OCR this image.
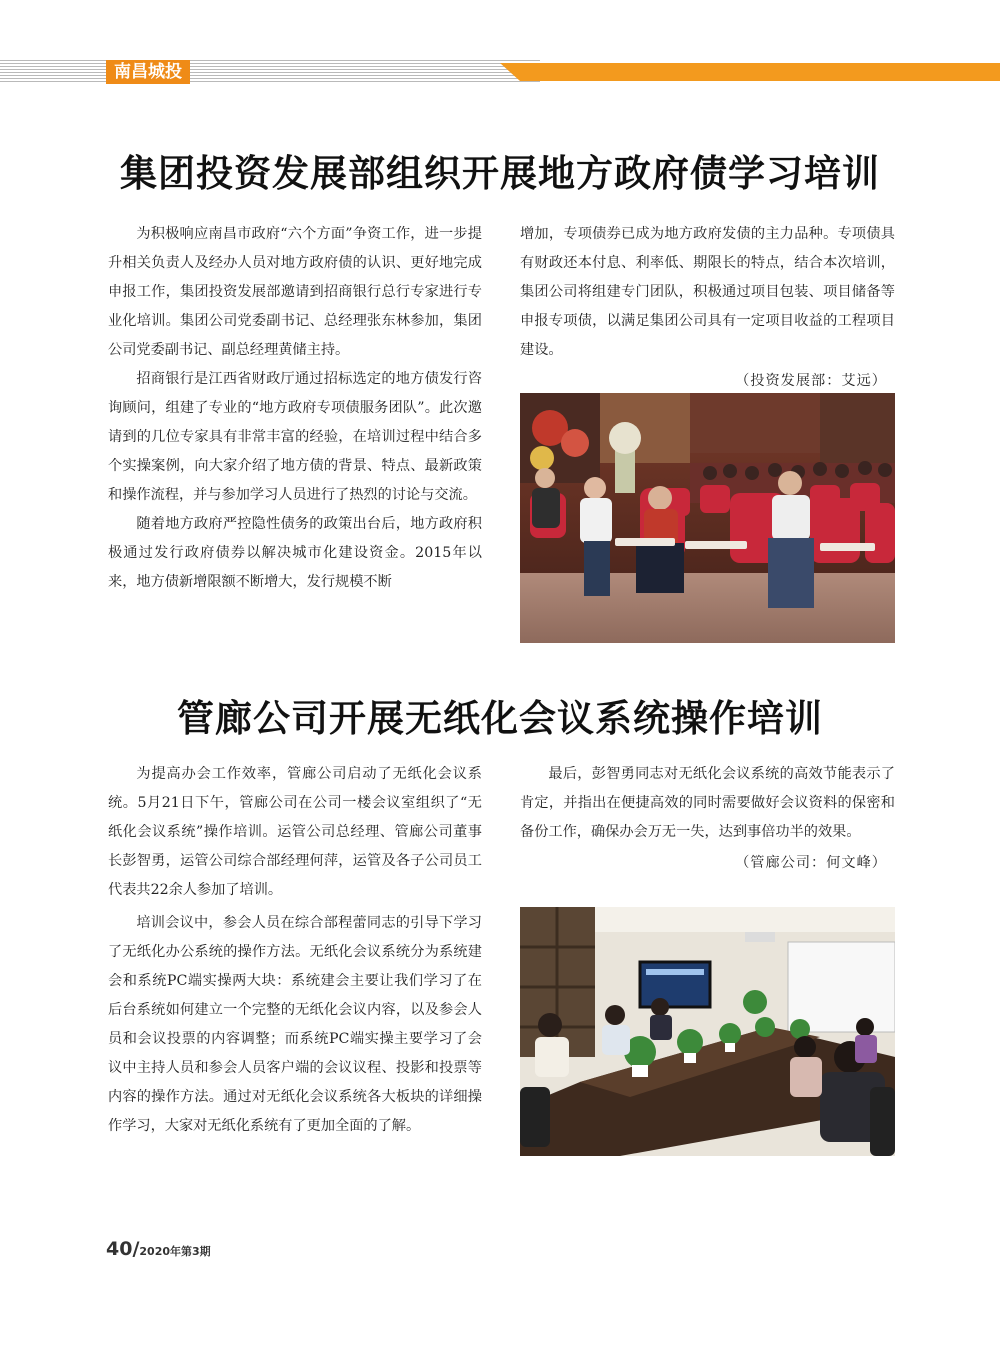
南昌城投
集团投资发展部组织开展地方政府债学习培训

为积极响应南昌市政府“六个方面”争资工作，进一步提升相关负责人及经办人员对地方政府债的认识、更好地完成申报工作，集团投资发展部邀请到招商银行总行专家进行专业化培训。集团公司党委副书记、总经理张东林参加，集团公司党委副书记、副总经理黄储主持。

招商银行是江西省财政厅通过招标选定的地方债发行咨询顾问，组建了专业的“地方政府专项债服务团队”。此次邀请到的几位专家具有非常丰富的经验，在培训过程中结合多个实操案例，向大家介绍了地方债的背景、特点、最新政策和操作流程，并与参加学习人员进行了热烈的讨论与交流。

随着地方政府严控隐性债务的政策出台后，地方政府积极通过发行政府债券以解决城市化建设资金。2015年以来，地方债新增限额不断增大，发行规模不断

增加，专项债券已成为地方政府发债的主力品种。专项债具有财政还本付息、利率低、期限长的特点，结合本次培训，集团公司将组建专门团队，积极通过项目包装、项目储备等申报专项债，以满足集团公司具有一定项目收益的工程项目建设。

（投资发展部：艾远）

管廊公司开展无纸化会议系统操作培训

为提高办会工作效率，管廊公司启动了无纸化会议系统。5月21日下午，管廊公司在公司一楼会议室组织了“无纸化会议系统”操作培训。运管公司总经理、管廊公司董事长彭智勇，运管公司综合部经理何萍，运管及各子公司员工代表共22余人参加了培训。

培训会议中，参会人员在综合部程蕾同志的引导下学习了无纸化办公系统的操作方法。无纸化会议系统分为系统建会和系统PC端实操两大块：系统建会主要让我们学习了在后台系统如何建立一个完整的无纸化会议内容，以及参会人员和会议投票的内容调整；而系统PC端实操主要学习了会议中主持人员和参会人员客户端的会议议程、投影和投票等内容的操作方法。通过对无纸化会议系统各大板块的详细操作学习，大家对无纸化系统有了更加全面的了解。

最后，彭智勇同志对无纸化会议系统的高效节能表示了肯定，并指出在便捷高效的同时需要做好会议资料的保密和备份工作，确保办会万无一失，达到事倍功半的效果。

（管廊公司：何文峰）

40/2020年第3期
